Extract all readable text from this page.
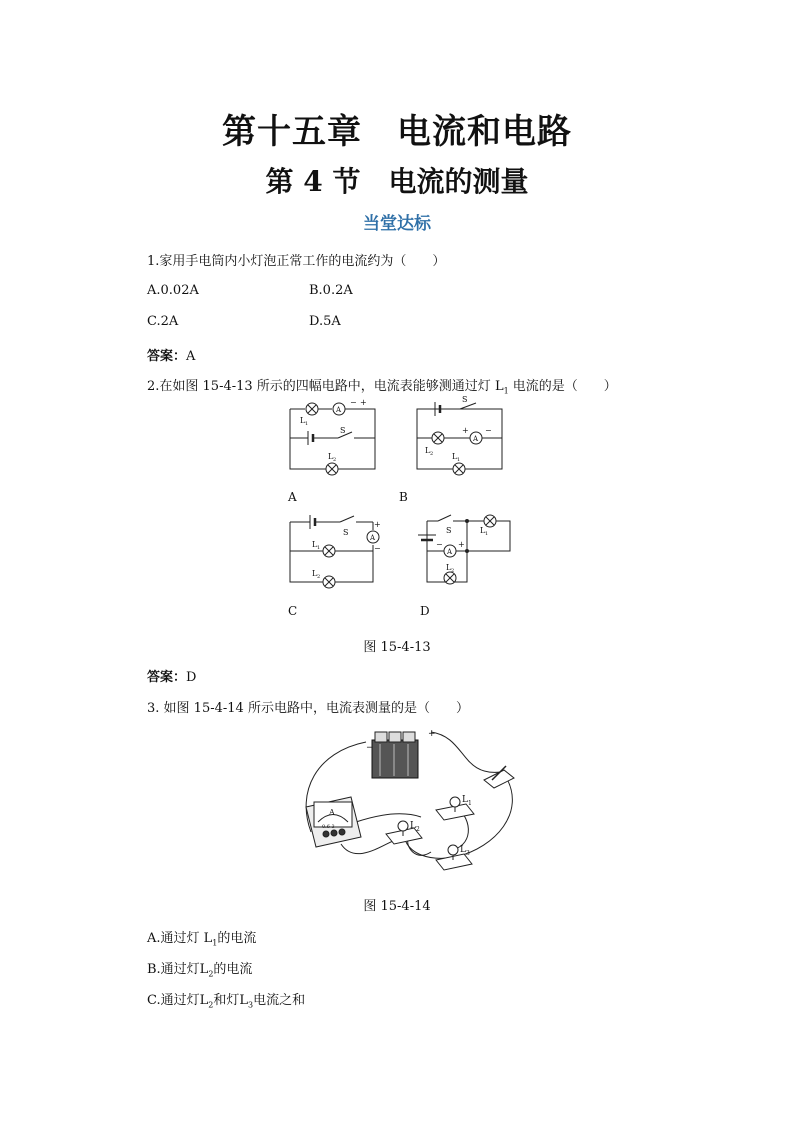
第十五章　电流和电路
第 4 节　电流的测量
当堂达标
1.家用手电筒内小灯泡正常工作的电流约为（　　）
A.0.02A	B.0.2A
C.2A	D.5A
答案：A
2.在如图 15-4-13 所示的四幅电路中，电流表能够测通过灯 $L_1$ 电流的是（　　）
A
− +
L 1
S
L 2
S
A
+ −
L 2 L 1
S
A
+
−
L 1
L 2
S	L 1
A
− +
L 2
A	B
C	D
图 15-4-13
答案：D
3. 如图 15-4-14 所示电路中，电流表测量的是（　　）
−
+
A
0.6 3
L 1
L 2
L 3
图 15-4-14
A.通过灯 $L_1$的电流
B.通过灯$L_2$的电流
C.通过灯$L_2$和灯$L_3$电流之和
